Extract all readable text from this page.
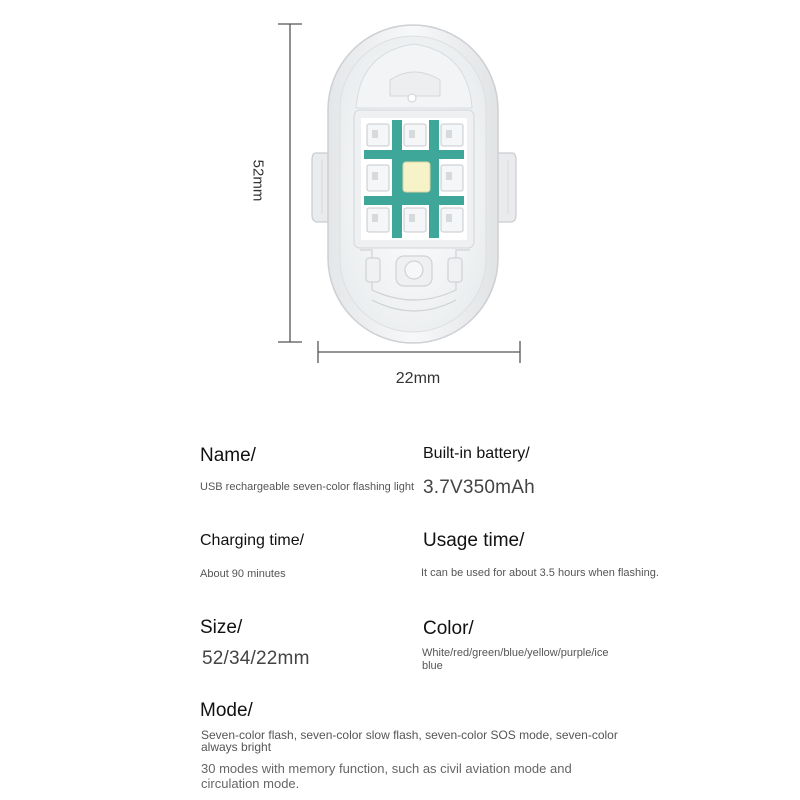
52mm
22mm
Name/
USB rechargeable seven-color flashing light
Built-in battery/
3.7V350mAh
Charging time/
About 90 minutes
Usage time/
It can be used for about 3.5 hours when flashing.
Size/
52/34/22mm
Color/
White/red/green/blue/yellow/purple/ice blue
Mode/
Seven-color flash, seven-color slow flash, seven-color SOS mode, seven-color always bright
30 modes with memory function, such as civil aviation mode and circulation mode.
